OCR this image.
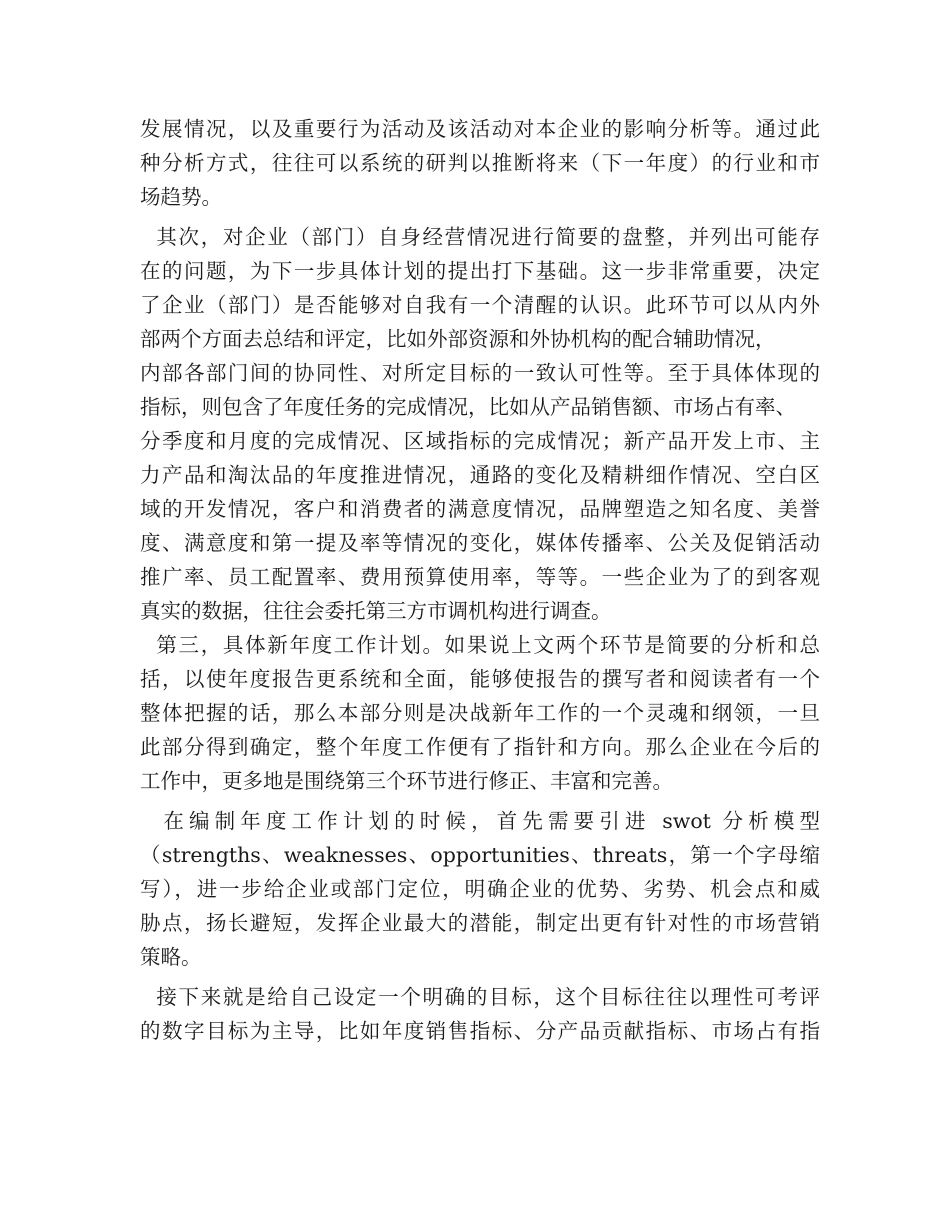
发展情况，以及重要行为活动及该活动对本企业的影响分析等。通过此
种分析方式，往往可以系统的研判以推断将来（下一年度）的行业和市
场趋势。
其次，对企业（部门）自身经营情况进行简要的盘整，并列出可能存
在的问题，为下一步具体计划的提出打下基础。这一步非常重要，决定
了企业（部门）是否能够对自我有一个清醒的认识。此环节可以从内外
部两个方面去总结和评定，比如外部资源和外协机构的配合辅助情况，
内部各部门间的协同性、对所定目标的一致认可性等。至于具体体现的
指标，则包含了年度任务的完成情况，比如从产品销售额、市场占有率、
分季度和月度的完成情况、区域指标的完成情况；新产品开发上市、主
力产品和淘汰品的年度推进情况，通路的变化及精耕细作情况、空白区
域的开发情况，客户和消费者的满意度情况，品牌塑造之知名度、美誉
度、满意度和第一提及率等情况的变化，媒体传播率、公关及促销活动
推广率、员工配置率、费用预算使用率，等等。一些企业为了的到客观
真实的数据，往往会委托第三方市调机构进行调查。
第三，具体新年度工作计划。如果说上文两个环节是简要的分析和总
括，以使年度报告更系统和全面，能够使报告的撰写者和阅读者有一个
整体把握的话，那么本部分则是决战新年工作的一个灵魂和纲领，一旦
此部分得到确定，整个年度工作便有了指针和方向。那么企业在今后的
工作中，更多地是围绕第三个环节进行修正、丰富和完善。
在编制年度工作计划的时候，首先需要引进 swot 分析模型
（strengths、weaknesses、opportunities、threats，第一个字母缩
写），进一步给企业或部门定位，明确企业的优势、劣势、机会点和威
胁点，扬长避短，发挥企业最大的潜能，制定出更有针对性的市场营销
策略。
接下来就是给自己设定一个明确的目标，这个目标往往以理性可考评
的数字目标为主导，比如年度销售指标、分产品贡献指标、市场占有指
